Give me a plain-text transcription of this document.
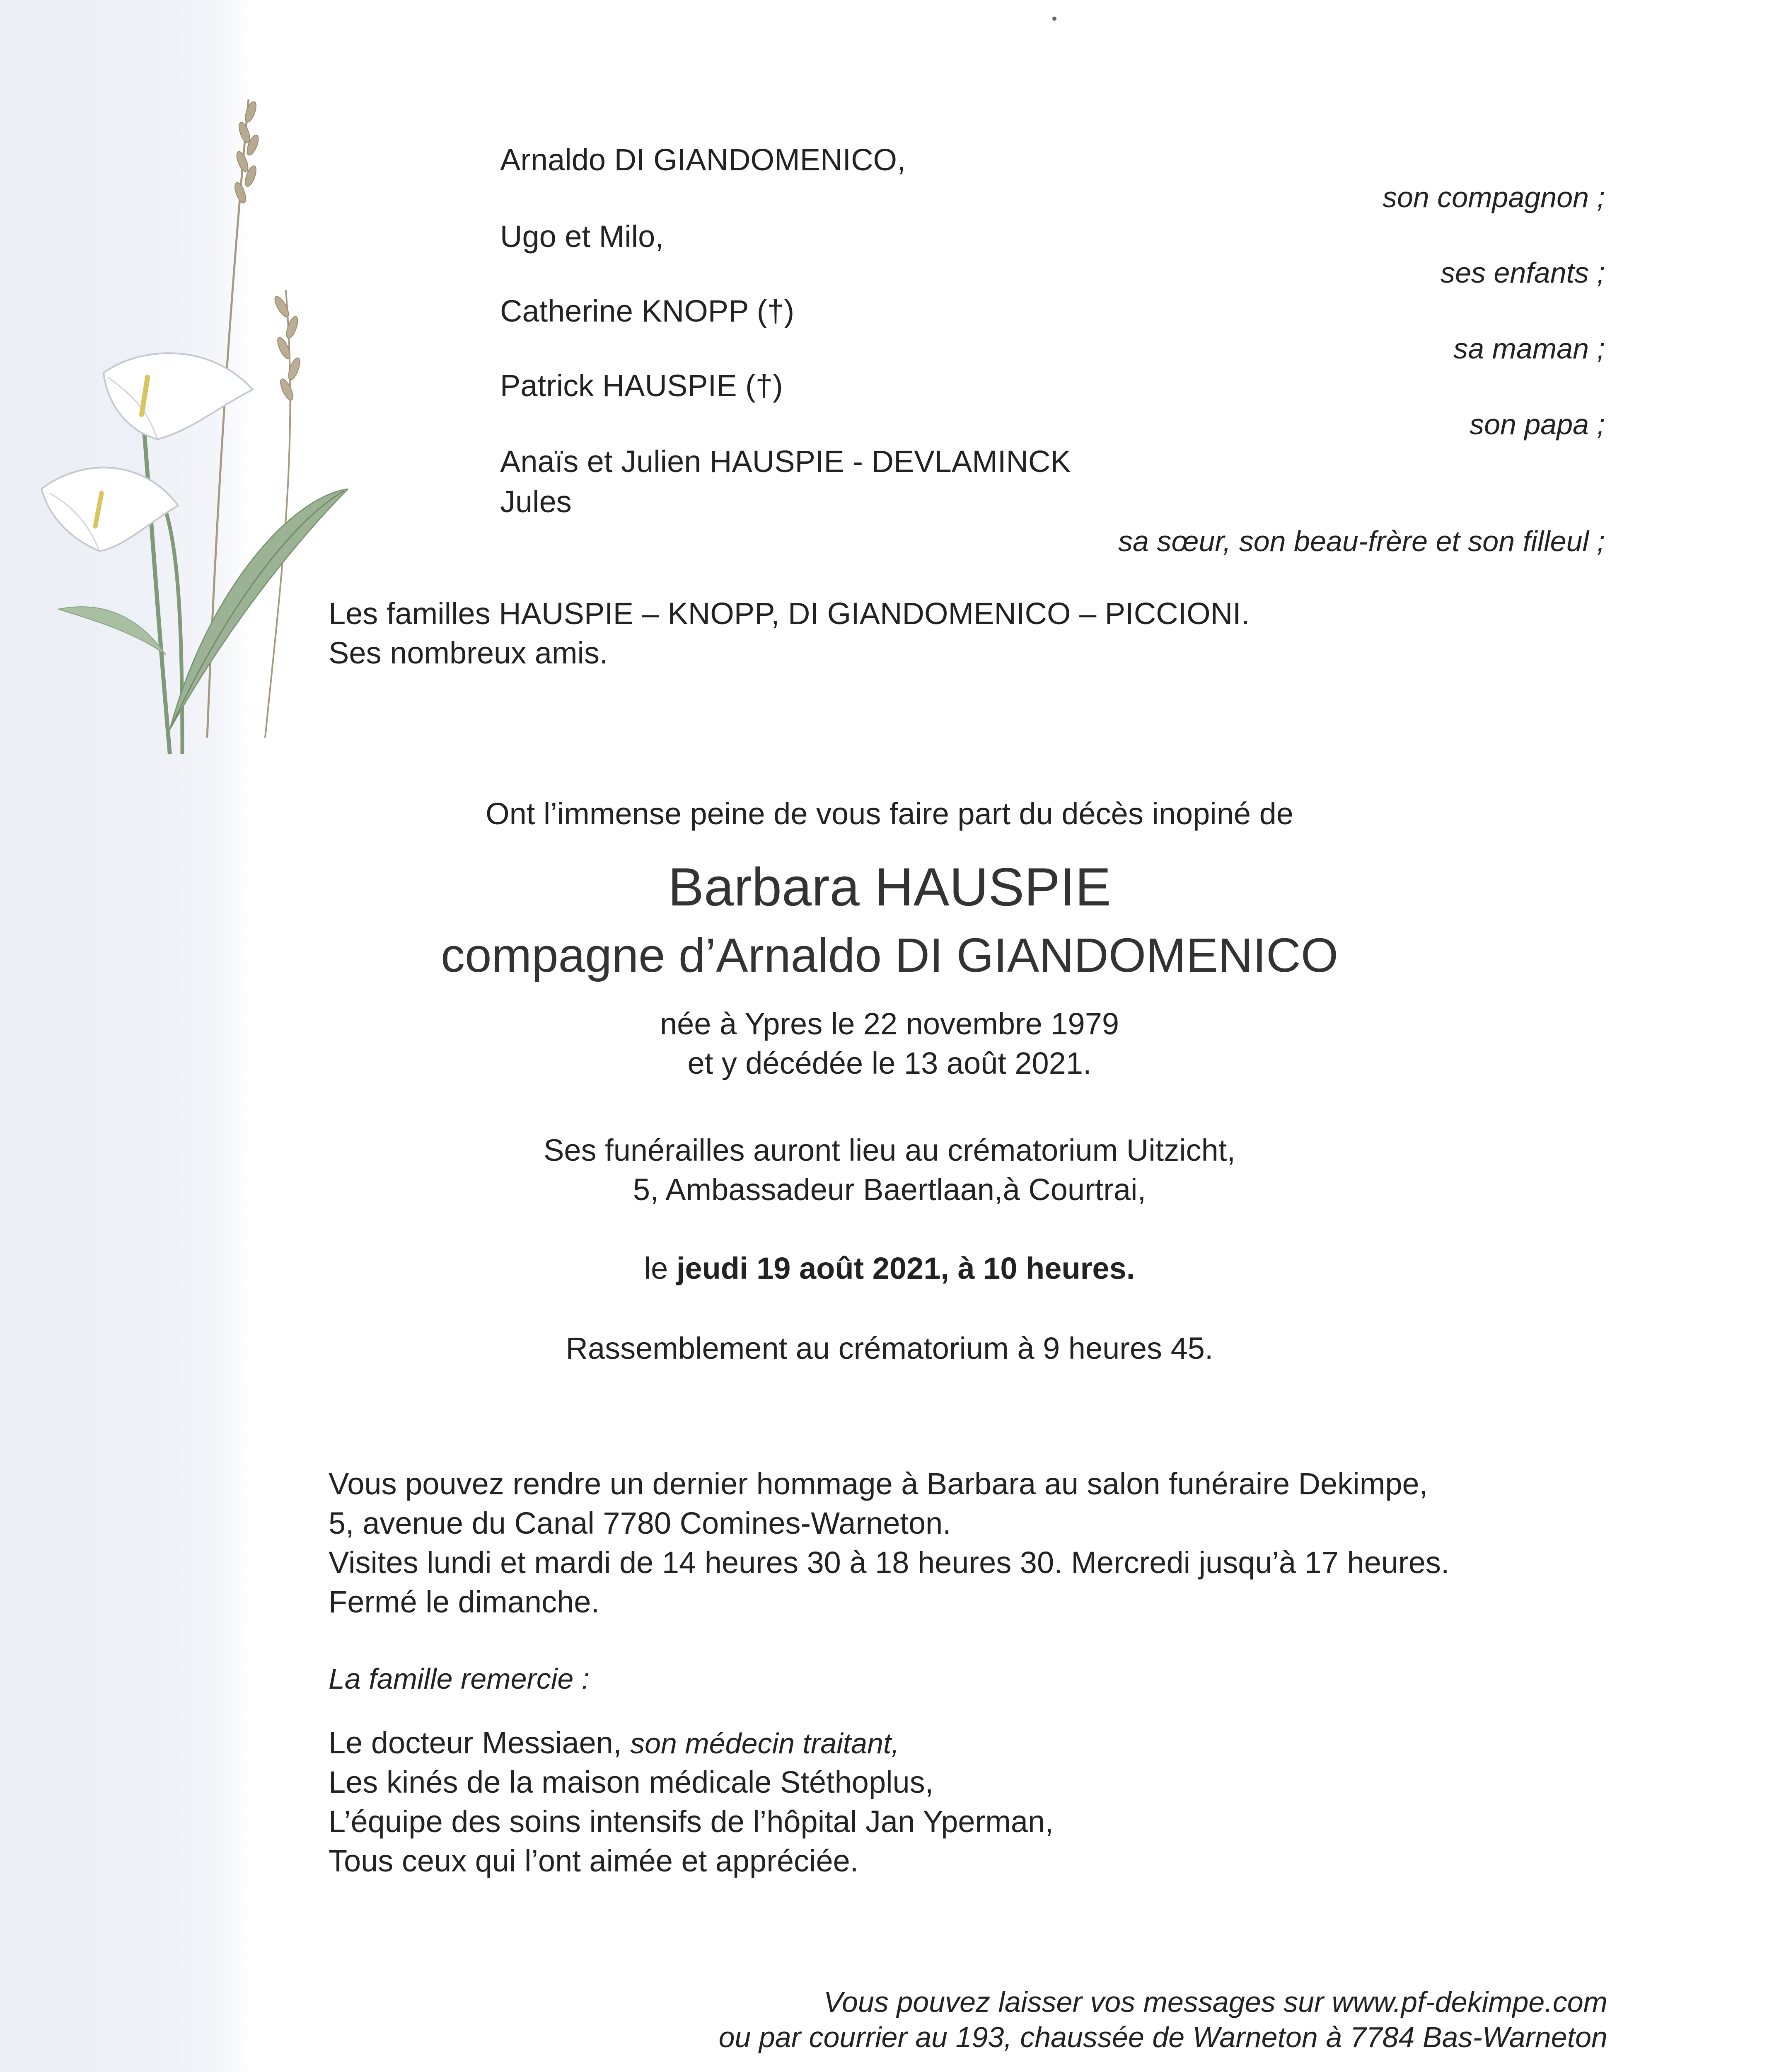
Arnaldo DI GIANDOMENICO,
son compagnon ;
Ugo et Milo,
ses enfants ;
Catherine KNOPP (†)
sa maman ;
Patrick HAUSPIE (†)
son papa ;
Anaïs et Julien HAUSPIE - DEVLAMINCK
Jules
sa sœur, son beau-frère et son filleul ;
Les familles HAUSPIE – KNOPP, DI GIANDOMENICO – PICCIONI.
Ses nombreux amis.
Ont l’immense peine de vous faire part du décès inopiné de
Barbara HAUSPIE
compagne d’Arnaldo DI GIANDOMENICO
née à Ypres le 22 novembre 1979
et y décédée le 13 août 2021.
Ses funérailles auront lieu au crématorium Uitzicht,
5, Ambassadeur Baertlaan,à Courtrai,
le jeudi 19 août 2021, à 10 heures.
Rassemblement au crématorium à 9 heures 45.
Vous pouvez rendre un dernier hommage à Barbara au salon funéraire Dekimpe,
5, avenue du Canal 7780 Comines-Warneton.
Visites lundi et mardi de 14 heures 30 à 18 heures 30. Mercredi jusqu’à 17 heures.
Fermé le dimanche.
La famille remercie :
Le docteur Messiaen, son médecin traitant,
Les kinés de la maison médicale Stéthoplus,
L’équipe des soins intensifs de l’hôpital Jan Yperman,
Tous ceux qui l’ont aimée et appréciée.
Vous pouvez laisser vos messages sur www.pf-dekimpe.com
ou par courrier au 193, chaussée de Warneton à 7784 Bas-Warneton
